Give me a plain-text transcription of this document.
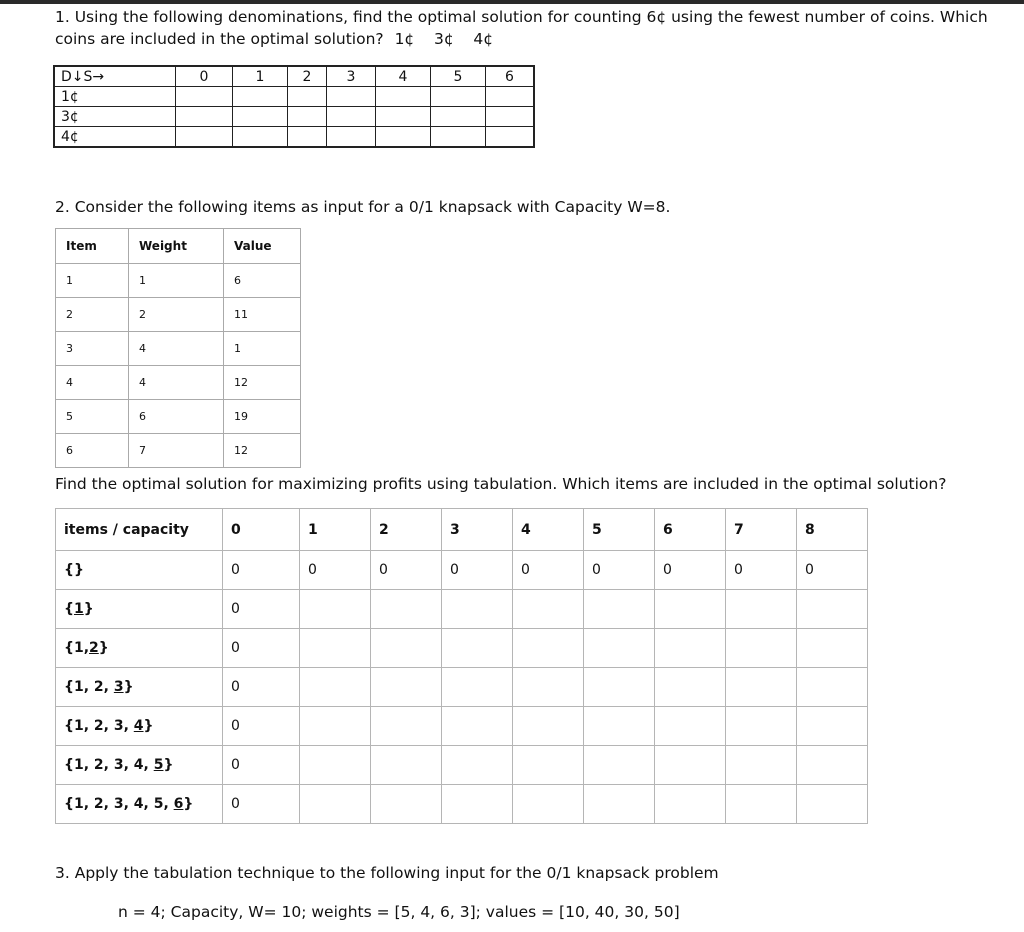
1. Using the following denominations, find the optimal solution for counting 6¢ using the fewest number of coins. Which coins are included in the optimal solution? 1¢    3¢    4¢
D↓S→	0	1	2	3	4	5	6
1¢							
3¢							
4¢							
2. Consider the following items as input for a 0/1 knapsack with Capacity W=8.
Item	Weight	Value
1	1	6
2	2	11
3	4	1
4	4	12
5	6	19
6	7	12
Find the optimal solution for maximizing profits using tabulation. Which items are included in the optimal solution?
items / capacity	0	1	2	3	4	5	6	7	8
{}	0	0	0	0	0	0	0	0	0
{1}	0								
{1,2}	0								
{1, 2, 3}	0								
{1, 2, 3, 4}	0								
{1, 2, 3, 4, 5}	0								
{1, 2, 3, 4, 5, 6}	0								
3. Apply the tabulation technique to the following input for the 0/1 knapsack problem
n = 4; Capacity, W= 10; weights = [5, 4, 6, 3]; values = [10, 40, 30, 50]
